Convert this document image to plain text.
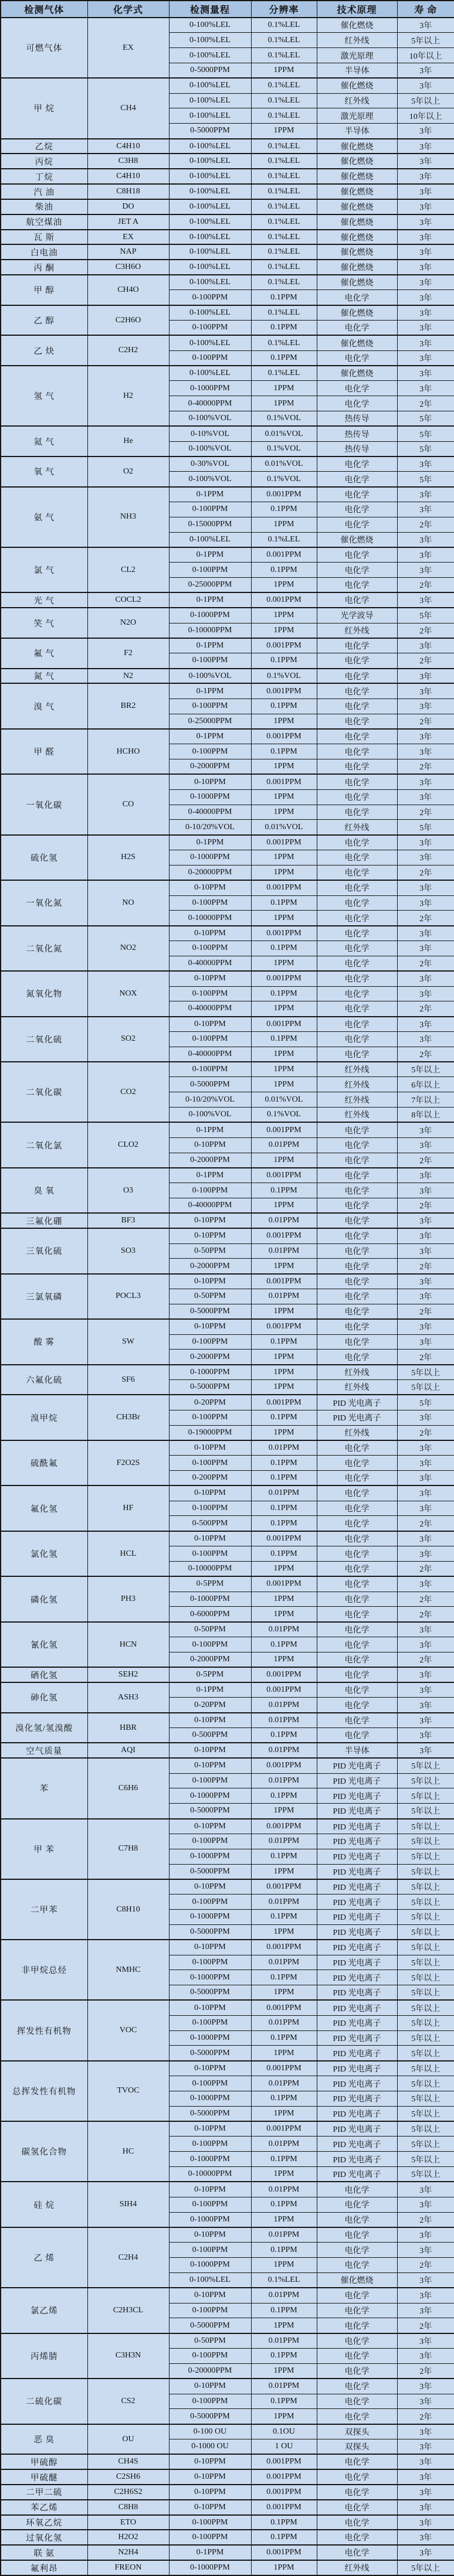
检测气体	化学式	检测量程	分辨率	技术原理	寿 命
可燃气体	EX	0-100%LEL	0.1%LEL	催化燃烧	3年
		0-100%LEL	0.1%LEL	红外线	5年以上
		0-100%LEL	0.1%LEL	激光原理	10年以上
		0-5000PPM	1PPM	半导体	3年
甲 烷	CH4	0-100%LEL	0.1%LEL	催化燃烧	3年
		0-100%LEL	0.1%LEL	红外线	5年以上
		0-100%LEL	0.1%LEL	激光原理	10年以上
		0-5000PPM	1PPM	半导体	3年
乙烷	C4H10	0-100%LEL	0.1%LEL	催化燃烧	3年
丙烷	C3H8	0-100%LEL	0.1%LEL	催化燃烧	3年
丁烷	C4H10	0-100%LEL	0.1%LEL	催化燃烧	3年
汽 油	C8H18	0-100%LEL	0.1%LEL	催化燃烧	3年
柴油	DO	0-100%LEL	0.1%LEL	催化燃烧	3年
航空煤油	JET A	0-100%LEL	0.1%LEL	催化燃烧	3年
瓦 斯	EX	0-100%LEL	0.1%LEL	催化燃烧	3年
白电油	NAP	0-100%LEL	0.1%LEL	催化燃烧	3年
丙 酮	C3H6O	0-100%LEL	0.1%LEL	催化燃烧	3年
甲 醇	CH4O	0-100%LEL	0.1%LEL	催化燃烧	3年
		0-100PPM	0.1PPM	电化学	3年
乙 醇	C2H6O	0-100%LEL	0.1%LEL	催化燃烧	3年
		0-100PPM	0.1PPM	电化学	3年
乙 炔	C2H2	0-100%LEL	0.1%LEL	催化燃烧	3年
		0-100PPM	0.1PPM	电化学	3年
氢 气	H2	0-100%LEL	0.1%LEL	催化燃烧	3年
		0-1000PPM	1PPM	电化学	3年
		0-40000PPM	1PPM	电化学	2年
		0-100%VOL	0.1%VOL	热传导	5年
氦 气	He	0-10%VOL	0.01%VOL	热传导	5年
		0-100%VOL	0.1%VOL	热传导	5年
氧 气	O2	0-30%VOL	0.01%VOL	电化学	3年
		0-100%VOL	0.1%VOL	电化学	5年
氨 气	NH3	0-1PPM	0.001PPM	电化学	3年
		0-100PPM	0.1PPM	电化学	3年
		0-15000PPM	1PPM	电化学	2年
		0-100%LEL	0.1%LEL	催化燃烧	3年
氯 气	CL2	0-1PPM	0.001PPM	电化学	3年
		0-100PPM	0.1PPM	电化学	3年
		0-25000PPM	1PPM	电化学	2年
光 气	COCL2	0-1PPM	0.001PPM	电化学	3年
笑 气	N2O	0-1000PPM	1PPM	光学波导	5年
		0-10000PPM	1PPM	红外线	2年
氟 气	F2	0-1PPM	0.001PPM	电化学	3年
		0-100PPM	0.1PPM	电化学	2年
氮 气	N2	0-100%VOL	0.1%VOL	电化学	3年
溴 气	BR2	0-1PPM	0.001PPM	电化学	3年
		0-100PPM	0.1PPM	电化学	3年
		0-25000PPM	1PPM	电化学	2年
甲 醛	HCHO	0-1PPM	0.001PPM	电化学	3年
		0-100PPM	0.1PPM	电化学	3年
		0-2000PPM	1PPM	电化学	2年
一氧化碳	CO	0-10PPM	0.001PPM	电化学	3年
		0-1000PPM	1PPM	电化学	3年
		0-40000PPM	1PPM	电化学	2年
		0-10/20%VOL	0.01%VOL	红外线	5年
硫化氢	H2S	0-1PPM	0.001PPM	电化学	3年
		0-1000PPM	1PPM	电化学	3年
		0-20000PPM	1PPM	电化学	2年
一氧化氮	NO	0-10PPM	0.001PPM	电化学	3年
		0-100PPM	0.1PPM	电化学	3年
		0-10000PPM	1PPM	电化学	2年
二氧化氮	NO2	0-10PPM	0.001PPM	电化学	3年
		0-100PPM	0.1PPM	电化学	3年
		0-40000PPM	1PPM	电化学	2年
氮氧化物	NOX	0-10PPM	0.001PPM	电化学	3年
		0-100PPM	0.1PPM	电化学	3年
		0-40000PPM	1PPM	电化学	2年
二氧化硫	SO2	0-10PPM	0.001PPM	电化学	3年
		0-100PPM	0.1PPM	电化学	3年
		0-40000PPM	1PPM	电化学	2年
二氧化碳	CO2	0-100PPM	1PPM	红外线	5年以上
		0-5000PPM	1PPM	红外线	6年以上
		0-10/20%VOL	0.01%VOL	红外线	7年以上
		0-100%VOL	0.1%VOL	红外线	8年以上
二氧化氯	CLO2	0-1PPM	0.001PPM	电化学	3年
		0-10PPM	0.01PPM	电化学	3年
		0-2000PPM	1PPM	电化学	2年
臭 氧	O3	0-1PPM	0.001PPM	电化学	3年
		0-100PPM	0.1PPM	电化学	3年
		0-40000PPM	1PPM	电化学	2年
三氟化硼	BF3	0-10PPM	0.01PPM	电化学	3年
三氧化硫	SO3	0-10PPM	0.001PPM	电化学	3年
		0-50PPM	0.01PPM	电化学	3年
		0-2000PPM	1PPM	电化学	2年
三氯氧磷	POCL3	0-10PPM	0.001PPM	电化学	3年
		0-50PPM	0.01PPM	电化学	3年
		0-5000PPM	1PPM	电化学	2年
酸 雾	SW	0-10PPM	0.001PPM	电化学	3年
		0-100PPM	0.1PPM	电化学	3年
		0-2000PPM	1PPM	电化学	2年
六氟化硫	SF6	0-1000PPM	1PPM	红外线	5年以上
		0-5000PPM	1PPM	红外线	5年以上
溴甲烷	CH3Br	0-20PPM	0.001PPM	PID 光电离子	5年
		0-100PPM	0.1PPM	PID 光电离子	3年
		0-19000PPM	1PPM	红外线	2年
硫酰氟	F2O2S	0-10PPM	0.01PPM	电化学	3年
		0-100PPM	0.1PPM	电化学	3年
		0-200PPM	0.1PPM	电化学	3年
氟化氢	HF	0-10PPM	0.01PPM	电化学	3年
		0-100PPM	0.1PPM	电化学	3年
		0-500PPM	0.1PPM	电化学	2年
氯化氢	HCL	0-10PPM	0.001PPM	电化学	3年
		0-100PPM	0.1PPM	电化学	3年
		0-10000PPM	1PPM	电化学	2年
磷化氢	PH3	0-5PPM	0.001PPM	电化学	3年
		0-1000PPM	1PPM	电化学	2年
		0-6000PPM	1PPM	电化学	2年
氰化氢	HCN	0-50PPM	0.01PPM	电化学	3年
		0-100PPM	0.1PPM	电化学	3年
		0-2000PPM	1PPM	电化学	2年
硒化氢	SEH2	0-5PPM	0.001PPM	电化学	3年
砷化氢	ASH3	0-1PPM	0.001PPM	电化学	3年
		0-20PPM	0.01PPM	电化学	3年
溴化氢/氢溴酸	HBR	0-10PPM	0.01PPM	电化学	3年
		0-500PPM	0.1PPM	电化学	3年
空气质量	AQI	0-10PPM	0.01PPM	半导体	3年
苯	C6H6	0-10PPM	0.001PPM	PID 光电离子	5年以上
		0-100PPM	0.01PPM	PID 光电离子	5年以上
		0-1000PPM	0.1PPM	PID 光电离子	5年以上
		0-5000PPM	1PPM	PID 光电离子	5年以上
甲 苯	C7H8	0-10PPM	0.001PPM	PID 光电离子	5年以上
		0-100PPM	0.01PPM	PID 光电离子	5年以上
		0-1000PPM	0.1PPM	PID 光电离子	5年以上
		0-5000PPM	1PPM	PID 光电离子	5年以上
二甲苯	C8H10	0-10PPM	0.001PPM	PID 光电离子	5年以上
		0-100PPM	0.01PPM	PID 光电离子	5年以上
		0-1000PPM	0.1PPM	PID 光电离子	5年以上
		0-5000PPM	1PPM	PID 光电离子	5年以上
非甲烷总烃	NMHC	0-10PPM	0.001PPM	PID 光电离子	5年以上
		0-100PPM	0.01PPM	PID 光电离子	5年以上
		0-1000PPM	0.1PPM	PID 光电离子	5年以上
		0-5000PPM	1PPM	PID 光电离子	5年以上
挥发性有机物	VOC	0-10PPM	0.001PPM	PID 光电离子	5年以上
		0-100PPM	0.01PPM	PID 光电离子	5年以上
		0-1000PPM	0.1PPM	PID 光电离子	5年以上
		0-5000PPM	1PPM	PID 光电离子	5年以上
总挥发性有机物	TVOC	0-10PPM	0.001PPM	PID 光电离子	5年以上
		0-100PPM	0.01PPM	PID 光电离子	5年以上
		0-1000PPM	0.1PPM	PID 光电离子	5年以上
		0-5000PPM	1PPM	PID 光电离子	5年以上
碳氢化合物	HC	0-10PPM	0.001PPM	PID 光电离子	5年以上
		0-100PPM	0.01PPM	PID 光电离子	5年以上
		0-1000PPM	0.1PPM	PID 光电离子	5年以上
		0-10000PPM	1PPM	PID 光电离子	5年以上
硅 烷	SIH4	0-10PPM	0.01PPM	电化学	3年
		0-100PPM	0.1PPM	电化学	3年
		0-1000PPM	1PPM	电化学	2年
乙 烯	C2H4	0-10PPM	0.01PPM	电化学	3年
		0-100PPM	0.1PPM	电化学	3年
		0-1000PPM	1PPM	电化学	2年
		0-100%LEL	0.1%LEL	催化燃烧	3年
氯乙烯	C2H3CL	0-10PPM	0.01PPM	电化学	3年
		0-100PPM	0.1PPM	电化学	3年
		0-5000PPM	1PPM	电化学	2年
丙烯腈	C3H3N	0-50PPM	0.01PPM	电化学	3年
		0-100PPM	0.1PPM	电化学	3年
		0-20000PPM	1PPM	电化学	2年
二硫化碳	CS2	0-10PPM	0.01PPM	电化学	3年
		0-100PPM	0.1PPM	电化学	3年
		0-5000PPM	1PPM	电化学	2年
恶 臭	OU	0-100 OU	0.1OU	双探头	3年
		0-1000 OU	1 OU	双探头	3年
甲硫醇	CH4S	0-10PPM	0.001PPM	电化学	3年
甲硫醚	C2SH6	0-10PPM	0.001PPM	电化学	3年
二甲二硫	C2H6S2	0-10PPM	0.001PPM	电化学	3年
苯乙烯	C8H8	0-10PPM	0.001PPM	电化学	3年
环氧乙烷	ETO	0-100PPM	0.1PPM	电化学	3年
过氧化氢	H2O2	0-100PPM	0.1PPM	电化学	3年
联 氨	N2H4	0-1PPM	0.001PPM	电化学	3年
氟利昂	FREON	0-1000PPM	1PPM	红外线	5年以上
